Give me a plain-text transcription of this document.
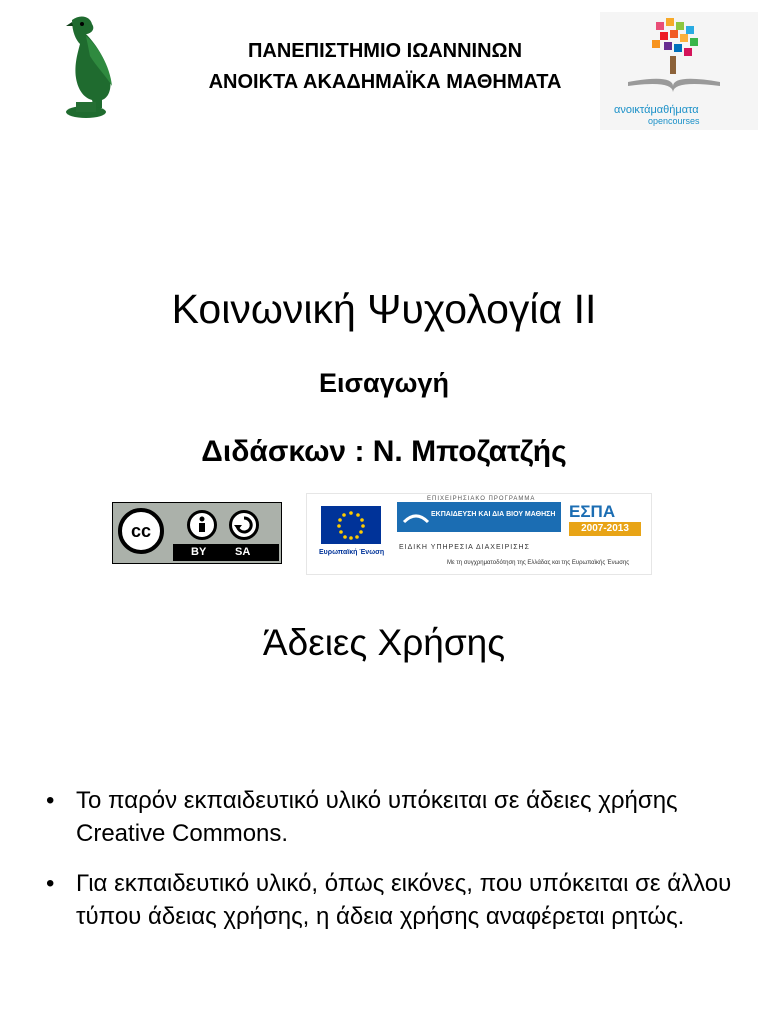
ΠΑΝΕΠΙΣΤΗΜΙΟ ΙΩΑΝΝΙΝΩΝ
ΑΝΟΙΚΤΑ ΑΚΑΔΗΜΑΪΚΑ ΜΑΘΗΜΑΤΑ
ανοικτάμαθήματα
opencourses
Κοινωνική Ψυχολογία ΙΙ
Εισαγωγή
Διδάσκων : Ν. Μποζατζής
cc
BY	SA	Ευρωπαϊκή Ένωση
ΕΠΙΧΕΙΡΗΣΙΑΚΟ ΠΡΟΓΡΑΜΜΑ
ΕΚΠΑΙΔΕΥΣΗ ΚΑΙ ΔΙΑ ΒΙΟΥ ΜΑΘΗΣΗ
ΕΙΔΙΚΗ ΥΠΗΡΕΣΙΑ ΔΙΑΧΕΙΡΙΣΗΣ
Με τη συγχρηματοδότηση της Ελλάδας και της Ευρωπαϊκής Ένωσης
ΕΣΠΑ
2007-2013
Άδειες Χρήσης
• Το παρόν εκπαιδευτικό υλικό υπόκειται σε άδειες χρήσης Creative Commons.
• Για εκπαιδευτικό υλικό, όπως εικόνες, που υπόκειται σε άλλου τύπου άδειας χρήσης, η άδεια χρήσης αναφέρεται ρητώς.
